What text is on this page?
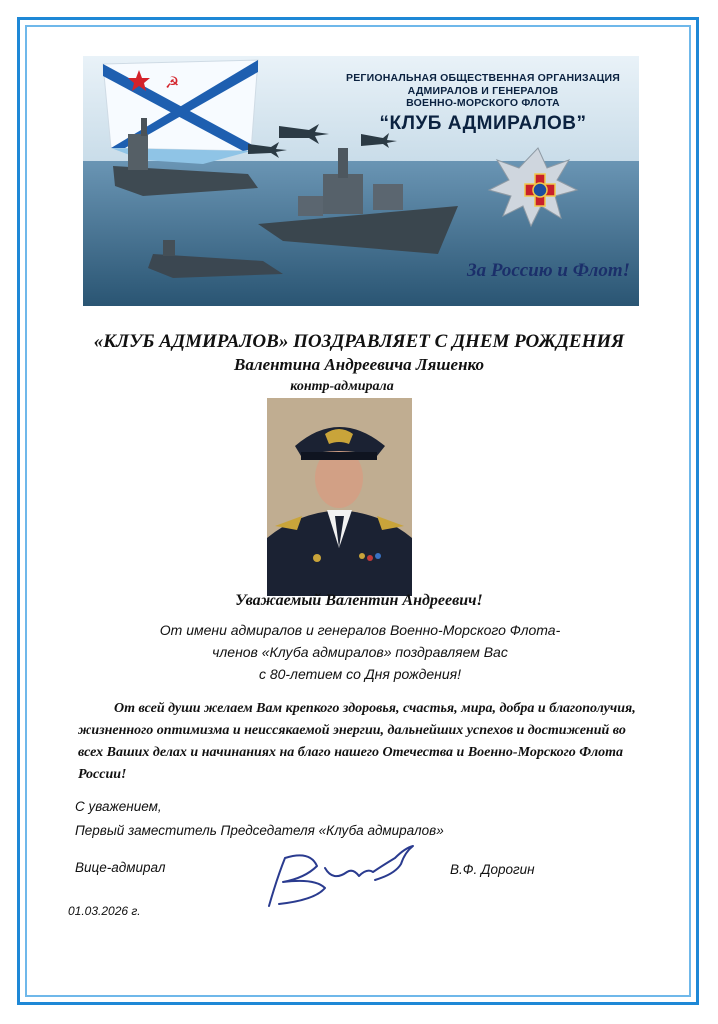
☭	РЕГИОНАЛЬНАЯ ОБЩЕСТВЕННАЯ ОРГАНИЗАЦИЯ
АДМИРАЛОВ И ГЕНЕРАЛОВ
ВОЕННО-МОРСКОГО ФЛОТА
“КЛУБ АДМИРАЛОВ”
За Россию и Флот!
«КЛУБ АДМИРАЛОВ» ПОЗДРАВЛЯЕТ С ДНЕМ РОЖДЕНИЯ
Валентина Андреевича Ляшенко
контр-адмирала
Уважаемый Валентин Андреевич!
От имени адмиралов и генералов Военно-Морского Флота-
членов «Клуба адмиралов» поздравляем Вас
с 80-летием со Дня рождения!
От всей души желаем Вам крепкого здоровья, счастья, мира, добра и благополучия, жизненного оптимизма и неиссякаемой энергии, дальнейших успехов и достижений во всех Ваших делах и начинаниях на благо нашего Отечества и Военно-Морского Флота России!
С уважением,
Первый заместитель Председателя «Клуба адмиралов»
Вице-адмирал	В.Ф. Дорогин
01.03.2026 г.
